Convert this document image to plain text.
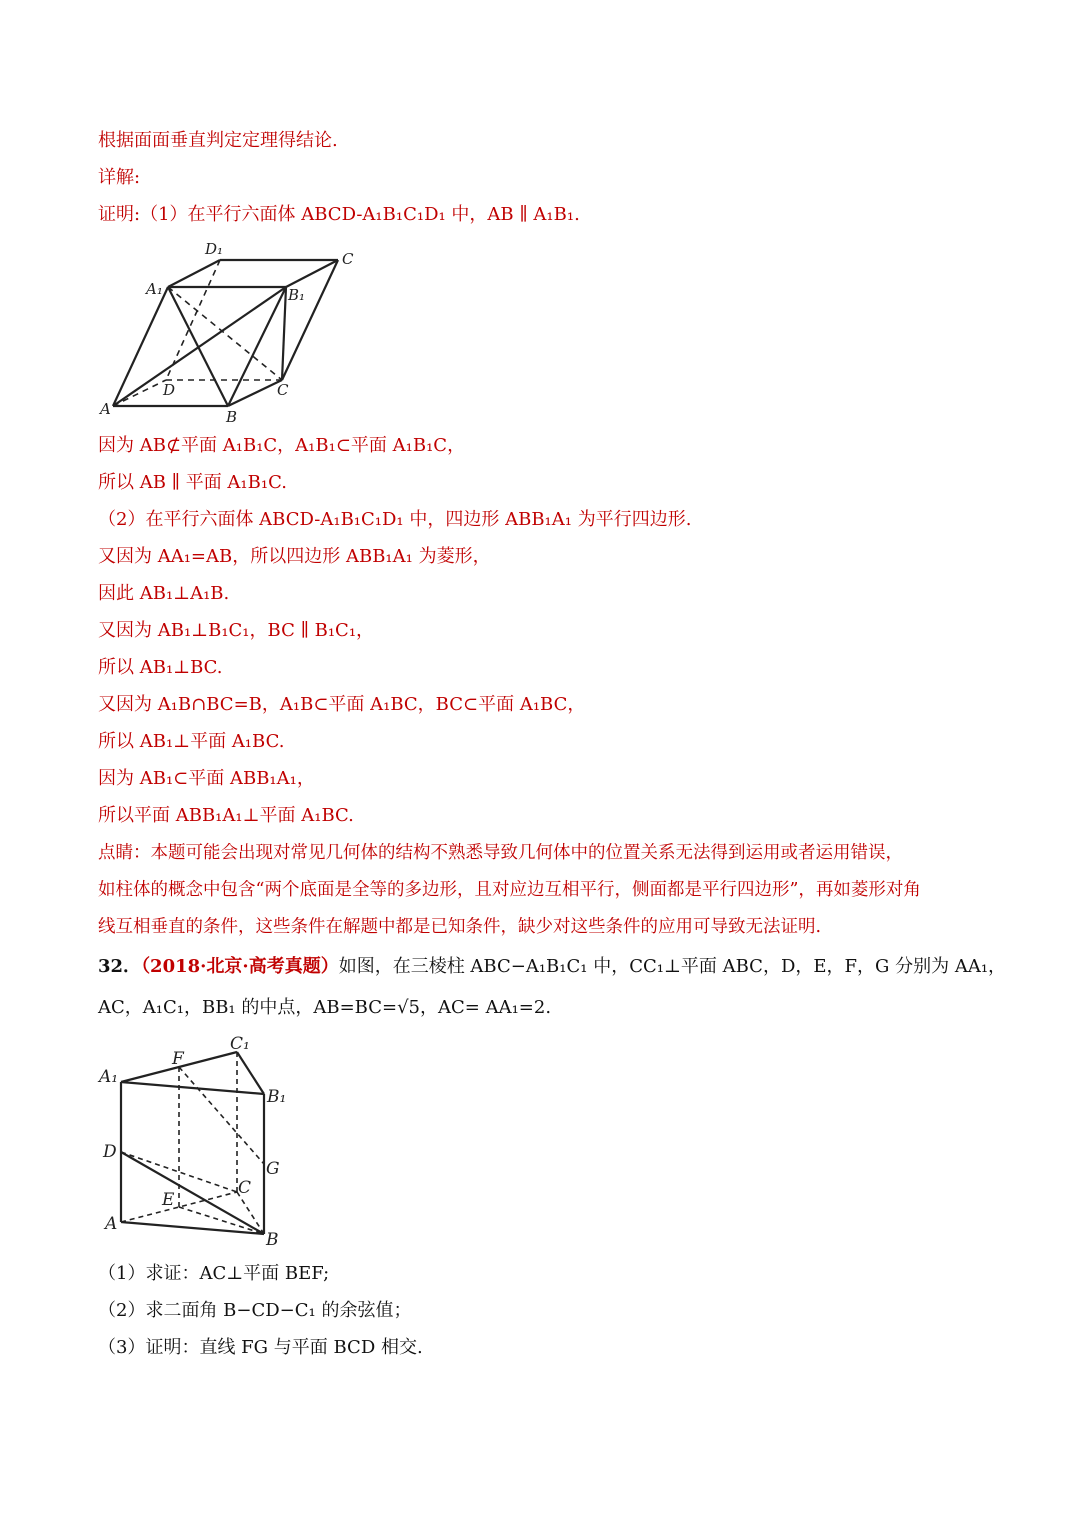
根据面面垂直判定定理得结论.
详解:
证明:（1）在平行六面体 ABCD-A₁B₁C₁D₁ 中，AB ∥ A₁B₁.
D₁
C
A₁	B₁
D	C
A	B
因为 AB⊄平面 A₁B₁C，A₁B₁⊂平面 A₁B₁C，
所以 AB ∥ 平面 A₁B₁C.
（2）在平行六面体 ABCD-A₁B₁C₁D₁ 中，四边形 ABB₁A₁ 为平行四边形.
又因为 AA₁=AB，所以四边形 ABB₁A₁ 为菱形，
因此 AB₁⊥A₁B.
又因为 AB₁⊥B₁C₁，BC ∥ B₁C₁，
所以 AB₁⊥BC.
又因为 A₁B∩BC=B，A₁B⊂平面 A₁BC，BC⊂平面 A₁BC，
所以 AB₁⊥平面 A₁BC.
因为 AB₁⊂平面 ABB₁A₁，
所以平面 ABB₁A₁⊥平面 A₁BC.
点睛：本题可能会出现对常见几何体的结构不熟悉导致几何体中的位置关系无法得到运用或者运用错误，
如柱体的概念中包含“两个底面是全等的多边形，且对应边互相平行，侧面都是平行四边形”，再如菱形对角
线互相垂直的条件，这些条件在解题中都是已知条件，缺少对这些条件的应用可导致无法证明.
32．（2018·北京·高考真题）如图，在三棱柱 ABC−A₁B₁C₁ 中，CC₁⊥平面 ABC，D，E，F，G 分别为 AA₁，
AC，A₁C₁，BB₁ 的中点，AB=BC=√5，AC= AA₁=2.
A₁
F
C₁
B₁
D
G
E
C
A
B
（1）求证：AC⊥平面 BEF;
（2）求二面角 B−CD−C₁ 的余弦值；
（3）证明：直线 FG 与平面 BCD 相交.
